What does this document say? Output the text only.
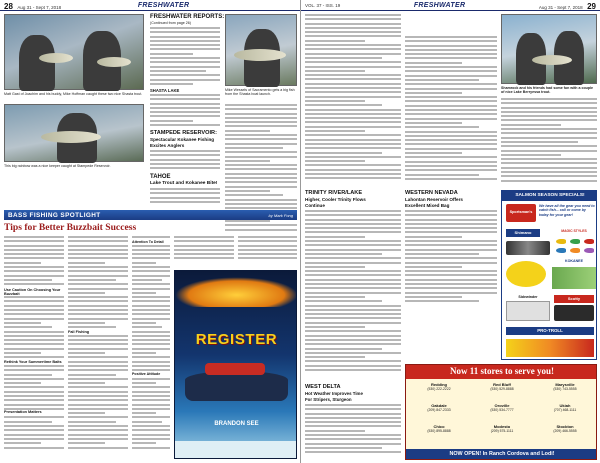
28 Aug 31 - Sept 7, 2018	FRESHWATER
Matt Gast of Joachim and his buddy, Mike Hoffman caught these two nice Shasta trout.
FRESHWATER REPORTS:
(Continued from page 26)
SHASTA LAKE	Mike Wessels of Sacramento gets a big fish from the Shasta boat launch.
STAMPEDE RESERVOIR:
Spectacular Kokanee Fishing
Excites Anglers
This big rainbow was a nice keeper caught at Stampede Reservoir.
TAHOE
Lake Trout and Kokanee Bite!
BASS FISHING SPOTLIGHT	by Mark Fong
Tips for Better Buzzbait Success
Use Caution On Choosing Your Buzzbait
Rethink Your Summertime Baits
Presentation Matters
Fall Fishing
Attention To Detail
Positive Attitude
REGISTER
BRANDON SEE
VOL. 37 - ISS. 19	FRESHWATER	Aug 31 - Sept 7, 2018 29
Shamrock and his friends had some fun with a couple of nice Lake Berryessa trout.
TRINITY RIVER/LAKE
Higher, Cooler Trinity Flows
Continue
WEST DELTA
Hot Weather Improves Time
For Stripers, Sturgeon
WESTERN NEVADA
Lahontan Reservoir Offers
Excellent Mixed Bag
SALMON SEASON SPECIALS!
Sportsman's
We have all the gear you need to catch fish... call or come by today for your gear!
Shimano	MAGIC STYLES
KOKANEE
Sidewinder	Scotty
PRO-TROLL
Now 11 stores to serve you!
Redding
(530) 222-2222
Red Bluff
(530) 529-8888
Marysville
(530) 743-5555
Oakdale
(209) 847-2333
Oroville
(530) 534-7777
Ukiah
(707) 468-1111
Chico
(530) 895-8888
Modesto
(209) 575-1111
Stockton
(209) 466-5555
NOW OPEN! In Ranch Cordova and Lodi!
